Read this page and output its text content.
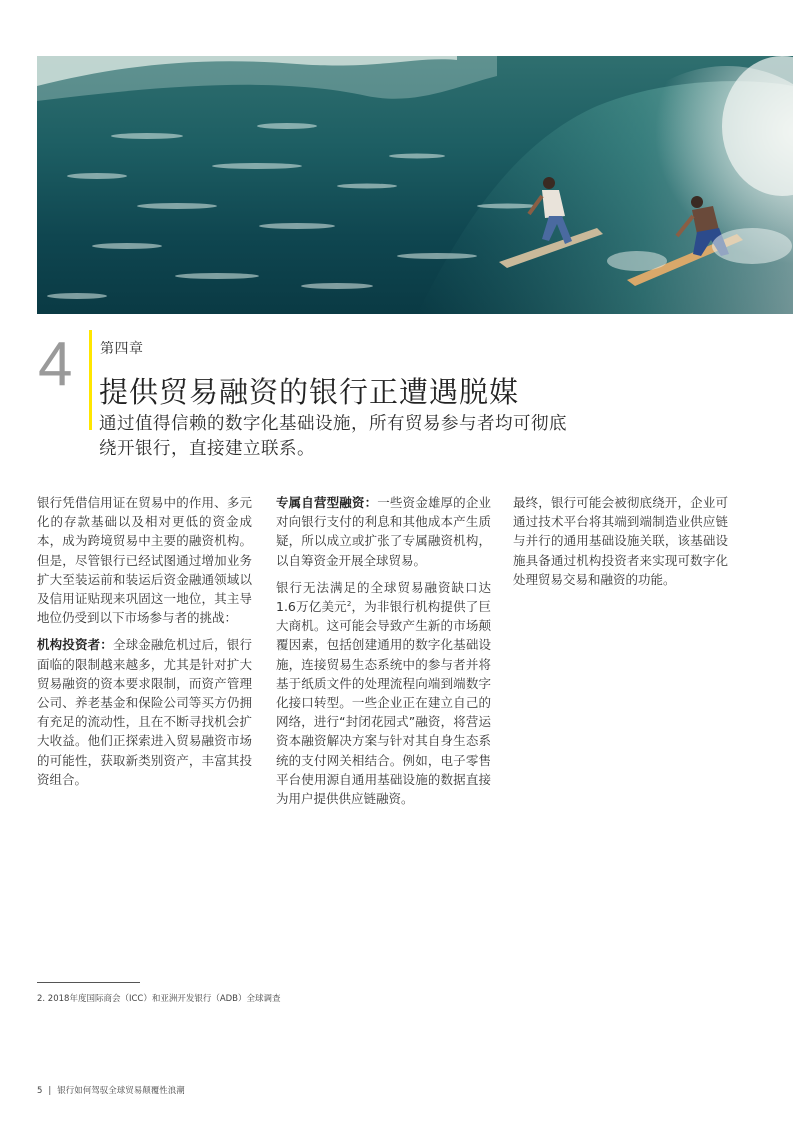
4 第四章
提供贸易融资的银行正遭遇脱媒
通过值得信赖的数字化基础设施，所有贸易参与者均可彻底绕开银行，直接建立联系。

银行凭借信用证在贸易中的作用、多元化的存款基础以及相对更低的资金成本，成为跨境贸易中主要的融资机构。但是，尽管银行已经试图通过增加业务扩大至装运前和装运后资金融通领域以及信用证贴现来巩固这一地位，其主导地位仍受到以下市场参与者的挑战：

机构投资者：全球金融危机过后，银行面临的限制越来越多，尤其是针对扩大贸易融资的资本要求限制，而资产管理公司、养老基金和保险公司等买方仍拥有充足的流动性，且在不断寻找机会扩大收益。他们正探索进入贸易融资市场的可能性，获取新类别资产，丰富其投资组合。

专属自营型融资：一些资金雄厚的企业对向银行支付的利息和其他成本产生质疑，所以成立或扩张了专属融资机构，以自筹资金开展全球贸易。

银行无法满足的全球贸易融资缺口达1.6万亿美元$^2$，为非银行机构提供了巨大商机。这可能会导致产生新的市场颠覆因素，包括创建通用的数字化基础设施，连接贸易生态系统中的参与者并将基于纸质文件的处理流程向端到端数字化接口转型。一些企业正在建立自己的网络，进行“封闭花园式”融资，将营运资本融资解决方案与针对其自身生态系统的支付网关相结合。例如，电子零售平台使用源自通用基础设施的数据直接为用户提供供应链融资。

最终，银行可能会被彻底绕开，企业可通过技术平台将其端到端制造业供应链与并行的通用基础设施关联，该基础设施具备通过机构投资者来实现可数字化处理贸易交易和融资的功能。

2. 2018年度国际商会（ICC）和亚洲开发银行（ADB）全球调查
5 | 银行如何驾驭全球贸易颠覆性浪潮
